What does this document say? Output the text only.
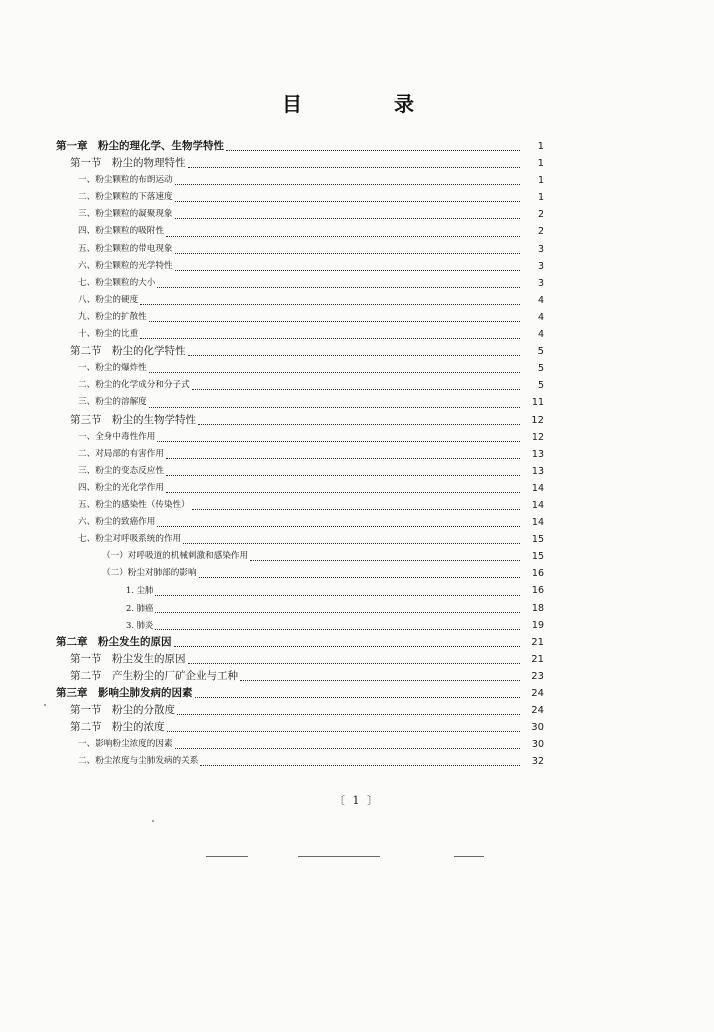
目　录
第一章　粉尘的理化学、生物学特性	1
第一节　粉尘的物理特性	1
一、粉尘颗粒的布朗运动	1
二、粉尘颗粒的下落速度	1
三、粉尘颗粒的凝聚现象	2
四、粉尘颗粒的吸附性	2
五、粉尘颗粒的带电现象	3
六、粉尘颗粒的光学特性	3
七、粉尘颗粒的大小	3
八、粉尘的硬度	4
九、粉尘的扩散性	4
十、粉尘的比重	4
第二节　粉尘的化学特性	5
一、粉尘的爆炸性	5
二、粉尘的化学成分和分子式	5
三、粉尘的溶解度	11
第三节　粉尘的生物学特性	12
一、全身中毒性作用	12
二、对局部的有害作用	13
三、粉尘的变态反应性	13
四、粉尘的光化学作用	14
五、粉尘的感染性（传染性）	14
六、粉尘的致癌作用	14
七、粉尘对呼吸系统的作用	15
（一）对呼吸道的机械刺激和感染作用	15
（二）粉尘对肺部的影响	16
1. 尘肺	16
2. 肺癌	18
3. 肺炎	19
第二章　粉尘发生的原因	21
第一节　粉尘发生的原因	21
第二节　产生粉尘的厂矿企业与工种	23
第三章　影响尘肺发病的因素	24
第一节　粉尘的分散度	24
第二节　粉尘的浓度	30
一、影响粉尘浓度的因素	30
二、粉尘浓度与尘肺发病的关系	32
〔 1 〕
